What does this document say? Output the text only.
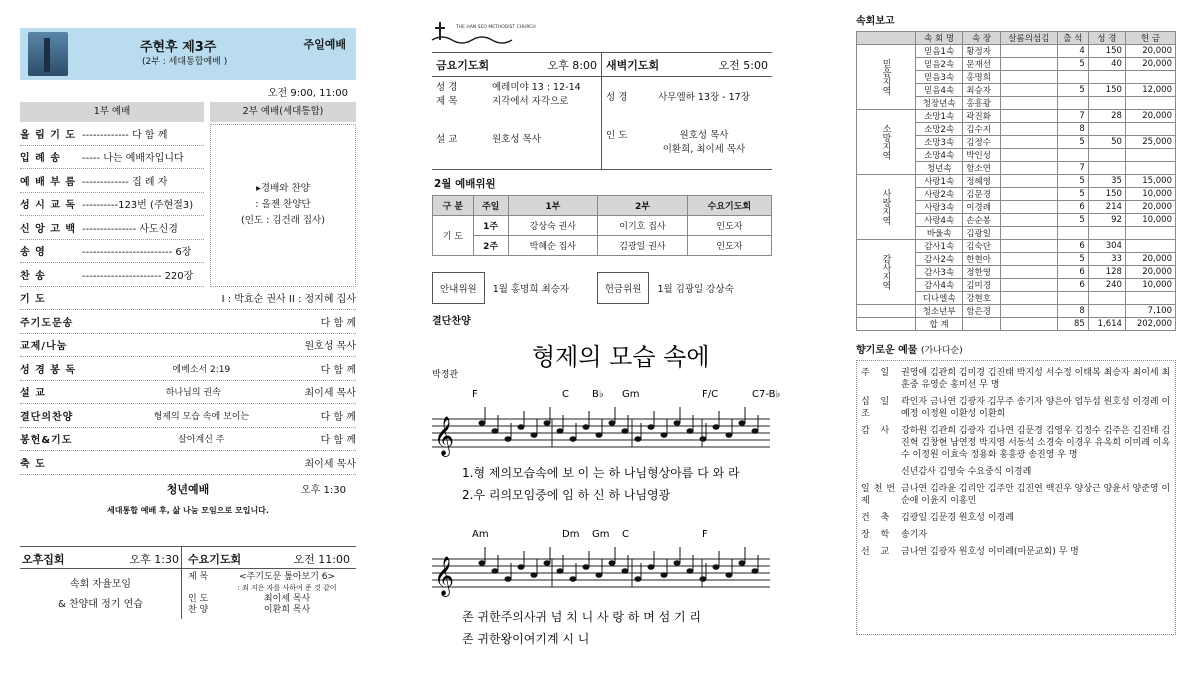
주현후 제3주
(2부 : 세대통합예배 )
주일예배
오전 9:00, 11:00
1부 예배	2부 예배(세대통합)
올 림 기 도 ------------- 다 함 께
입 례 송	----- 나는 예배자입니다
예 배 부 름 ------------- 집 례 자
성 시 교 독 ----------123번 (주현절3)
신 앙 고 백 --------------- 사도신경
송 영	------------------------- 6장
찬 송	---------------------- 220장
▸경배와 찬양
: 올젠 찬양단
(인도 : 김건래 집사)
기 도	I : 박효순 권사 II : 정지혜 집사
주기도문송	다 함 께
교제/나눔	원호성 목사
성 경 봉 독	에베소서 2:19	다 함 께
설 교	하나님의 권속	최이세 목사
결단의찬양	형제의 모습 속에 보이는	다 함 께
봉헌&기도	살아계신 주	다 함 께
축 도	최이세 목사
청년예배	오후 1:30
세대통합 예배 후, 삶 나눔 모임으로 모입니다.
오후집회	오후 1:30
속회 자율모임
& 찬양대 정기 연습
수요기도회	오전 11:00
제 목	<주기도문 톺아보기 6>
: 죄 지은 자를 사하여 준 것 같이
인 도	최이세 목사
찬 양	이환희 목사
THE HAN SEO METHODIST CHURCH
금요기도회	오후 8:00
성 경	예레미야 13 : 12-14
제 목	지각에서 자각으로
설 교	원호성 목사
새벽기도회	오전 5:00
성 경	사무엘하 13장 - 17장
인 도	원호성 목사
이환희, 최이세 목사
2월 예배위원
구 분	주일	1부	2부	수요기도회
기 도	1주	강상숙 권사	이기호 집사	인도자
	2주	박혜순 집사	김광일 권사	인도자
안내위원	1월 홍명희 최승자	헌금위원	1월 김광일 강상숙
결단찬양
형제의 모습 속에
박정관
𝄞
F	C B♭ Gm	F/C	C7-B♭
𝄞
Am	Dm Gm C	F
1.형 제의모습속에 보 이 는 하 나님형상아름 다 와 라
2.우 리의모임중에 임 하 신 하 나님영광
존 귀한주의사귀 넘 치 니 사 랑 하 며 섬 기 리
존 귀한왕이여기계 시 니
속회보고
	속 회 명	속 장	살롬의섬김	출 석	성 경	헌 금
믿음지역	믿음1속	황정자		4	150	20,000
	믿음2속	문재선		5	40	20,000
	믿음3속	홍명희				
	믿음4속	최승자		5	150	12,000
	청장년속	홍흥광				
소망지역	소망1속	곽진화		7	28	20,000
	소망2속	김수지		8		
	소망3속	김정수		5	50	25,000
	소망4속	박인성				
	청년속	함소연		7		
사랑지역	사랑1속	정혜영		5	35	15,000
	사랑2속	김문경		5	150	10,000
	사랑3속	이경례		6	214	20,000
	사랑4속	손순봉		5	92	10,000
	바울속	김광일				
감사지역	감사1속	김숙단		6	304	
	감사2속	한현아		5	33	20,000
	감사3속	정한영		6	128	20,000
	감사4속	김미경		6	240	10,000
	디나엘속	강현호				
	청소년부	함은경		8		7,100
	합 계			85	1,614	202,000
향기로운 예물 (가나다순)
주 일 권영애 김관희 김미경 김진태 박지성 서수정 이태복 최승자 최이세 최훈중 유영순 홍미선 무 명
십 일 조
곽인자 금나연 김광자 김무주 송기자 양은아 엄두섭 원호성 이경례 이예정 이정원 이환성 이환희
감 사 강하원 김관희 김광자 김나연 김문경 김영우 김정수 김주은 김진태 김진혁 김창현 남연정 박지영 서동석 소경숙 이경우 유옥희 이미례 이옥수 이정원 이효숙 정용화 홍흥광 송진영 우 명
신년감사 김영숙 수요중식 이경례
일천번제
금나연 김라윤 김리안 김주안 김진연 백진우 양상근 양윤서 양준영 이순애 이윤지 이홍민
건 축 김광일 김문경 원호성 이경례
장 학 송기자
선 교 금나연 김광자 원호성 이미례(미문교회) 무 명
